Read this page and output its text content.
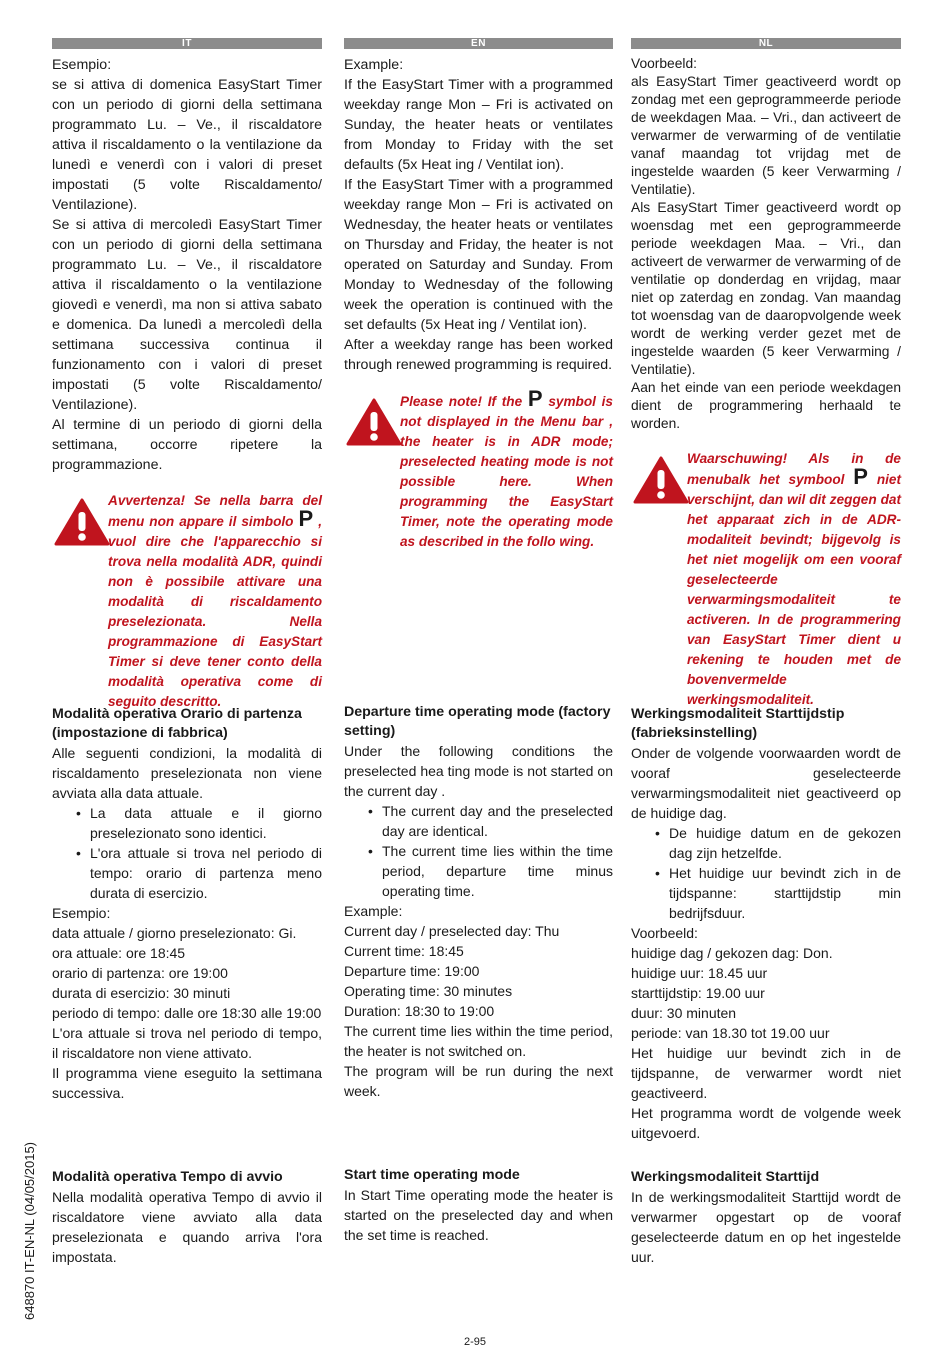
IT

Esempio:

se si attiva di domenica EasyStart Timer con un periodo di giorni della settimana programmato Lu. – Ve., il riscaldatore attiva il riscaldamento o la ventilazione da lunedì e venerdì con i valori di preset impostati (5 volte Riscaldamento/ Ventilazione).

Se si attiva di mercoledì EasyStart Timer con un periodo di giorni della settimana programmato Lu. – Ve., il riscaldatore attiva il riscaldamento o la ventilazione giovedì e venerdì, ma non si attiva sabato e domenica. Da lunedì a mercoledì della settimana successiva continua il funzionamento con i valori di preset impostati (5 volte Riscaldamento/ Ventilazione).

Al termine di un periodo di giorni della settimana, occorre ripetere la programmazione.

Avvertenza! Se nella barra del menu non appare il simbolo P , vuol dire che l'apparecchio si trova nella modalità ADR, quindi non è possibile attivare una modalità di riscaldamento preselezionata. Nella programmazione di EasyStart Timer si deve tener conto della modalità operativa come di seguito descritto.
EN

Example:

If the EasyStart Timer with a programmed weekday range Mon – Fri is activated on Sunday, the heater heats or ventilates from Monday to Friday with the set defaults (5x Heat ing / Ventilat ion).

If the EasyStart Timer with a programmed weekday range Mon – Fri is activated on Wednesday, the heater heats or ventilates on Thursday and Friday, the heater is not operated on Saturday and Sunday. From Monday to Wednesday of the following week the operation is continued with the set defaults (5x Heat ing / Ventilat ion).

After a weekday range has been worked through renewed programming is required.

Please note! If the P symbol is not displayed in the Menu bar , the heater is in ADR mode; preselected heating mode is not possible here. When programming the EasyStart Timer, note the operating mode as described in the follo wing.
NL

Voorbeeld:

als EasyStart Timer geactiveerd wordt op zondag met een geprogrammeerde periode de weekdagen Maa. – Vri., dan activeert de verwarmer de verwarming of de ventilatie vanaf maandag tot vrijdag met de ingestelde waarden (5 keer Verwarming / Ventilatie).

Als EasyStart Timer geactiveerd wordt op woensdag met een geprogrammeerde periode weekdagen Maa. – Vri., dan activeert de verwarmer de verwarming of de ventilatie op donderdag en vrijdag, maar niet op zaterdag en zondag. Van maandag tot woensdag van de daaropvolgende week wordt de werking verder gezet met de ingestelde waarden (5 keer Verwarming / Ventilatie).

Aan het einde van een periode weekdagen dient de programmering herhaald te worden.

Waarschuwing! Als in de menubalk het symbool P niet verschijnt, dan wil dit zeggen dat het apparaat zich in de ADR-modaliteit bevindt; bijgevolg is het niet mogelijk om een vooraf geselecteerde verwarmingsmodaliteit te activeren. In de programmering van EasyStart Timer dient u rekening te houden met de bovenvermelde werkingsmodaliteit.
Modalità operativa Orario di partenza (impostazione di fabbrica)

Alle seguenti condizioni, la modalità di riscaldamento preselezionata non viene avviata alla data attuale.

• La data attuale e il giorno preselezionato sono identici.
• L'ora attuale si trova nel periodo di tempo: orario di partenza meno durata di esercizio.

Esempio:

data attuale / giorno preselezionato: Gi.

ora attuale: ore 18:45

orario di partenza: ore 19:00

durata di esercizio: 30 minuti

periodo di tempo: dalle ore 18:30 alle 19:00

L'ora attuale si trova nel periodo di tempo, il riscaldatore non viene attivato.

Il programma viene eseguito la settimana successiva.

Departure time operating mode (factory setting)

Under the following conditions the preselected hea ting mode is not started on the current day .

• The current day and the preselected day are identical.
• The current time lies within the time period, departure time minus operating time.

Example:

Current day / preselected day: Thu

Current time: 18:45

Departure time: 19:00

Operating time: 30 minutes

Duration: 18:30 to 19:00

The current time lies within the time period, the heater is not switched on.

The program will be run during the next week.

Werkingsmodaliteit Starttijdstip (fabrieksinstelling)

Onder de volgende voorwaarden wordt de vooraf geselecteerde verwarmingsmodaliteit niet geactiveerd op de huidige dag.

• De huidige datum en de gekozen dag zijn hetzelfde.
• Het huidige uur bevindt zich in de tijdspanne: starttijdstip min bedrijfsduur.

Voorbeeld:

huidige dag / gekozen dag: Don.

huidige uur: 18.45 uur

starttijdstip: 19.00 uur

duur: 30 minuten

periode: van 18.30 tot 19.00 uur

Het huidige uur bevindt zich in de tijdspanne, de verwarmer wordt niet geactiveerd.

Het programma wordt de volgende week uitgevoerd.

Modalità operativa Tempo di avvio
Nella modalità operativa Tempo di avvio il riscaldatore viene avviato alla data preselezionata e quando arriva l'ora impostata.
Start time operating mode
In Start Time operating mode the heater is started on the preselected day and when the set time is reached.
Werkingsmodaliteit Starttijd
In de werkingsmodaliteit Starttijd wordt de verwarmer opgestart op de vooraf geselecteerde datum en op het ingestelde uur.
648870 IT-EN-NL (04/05/2015)
2-95
